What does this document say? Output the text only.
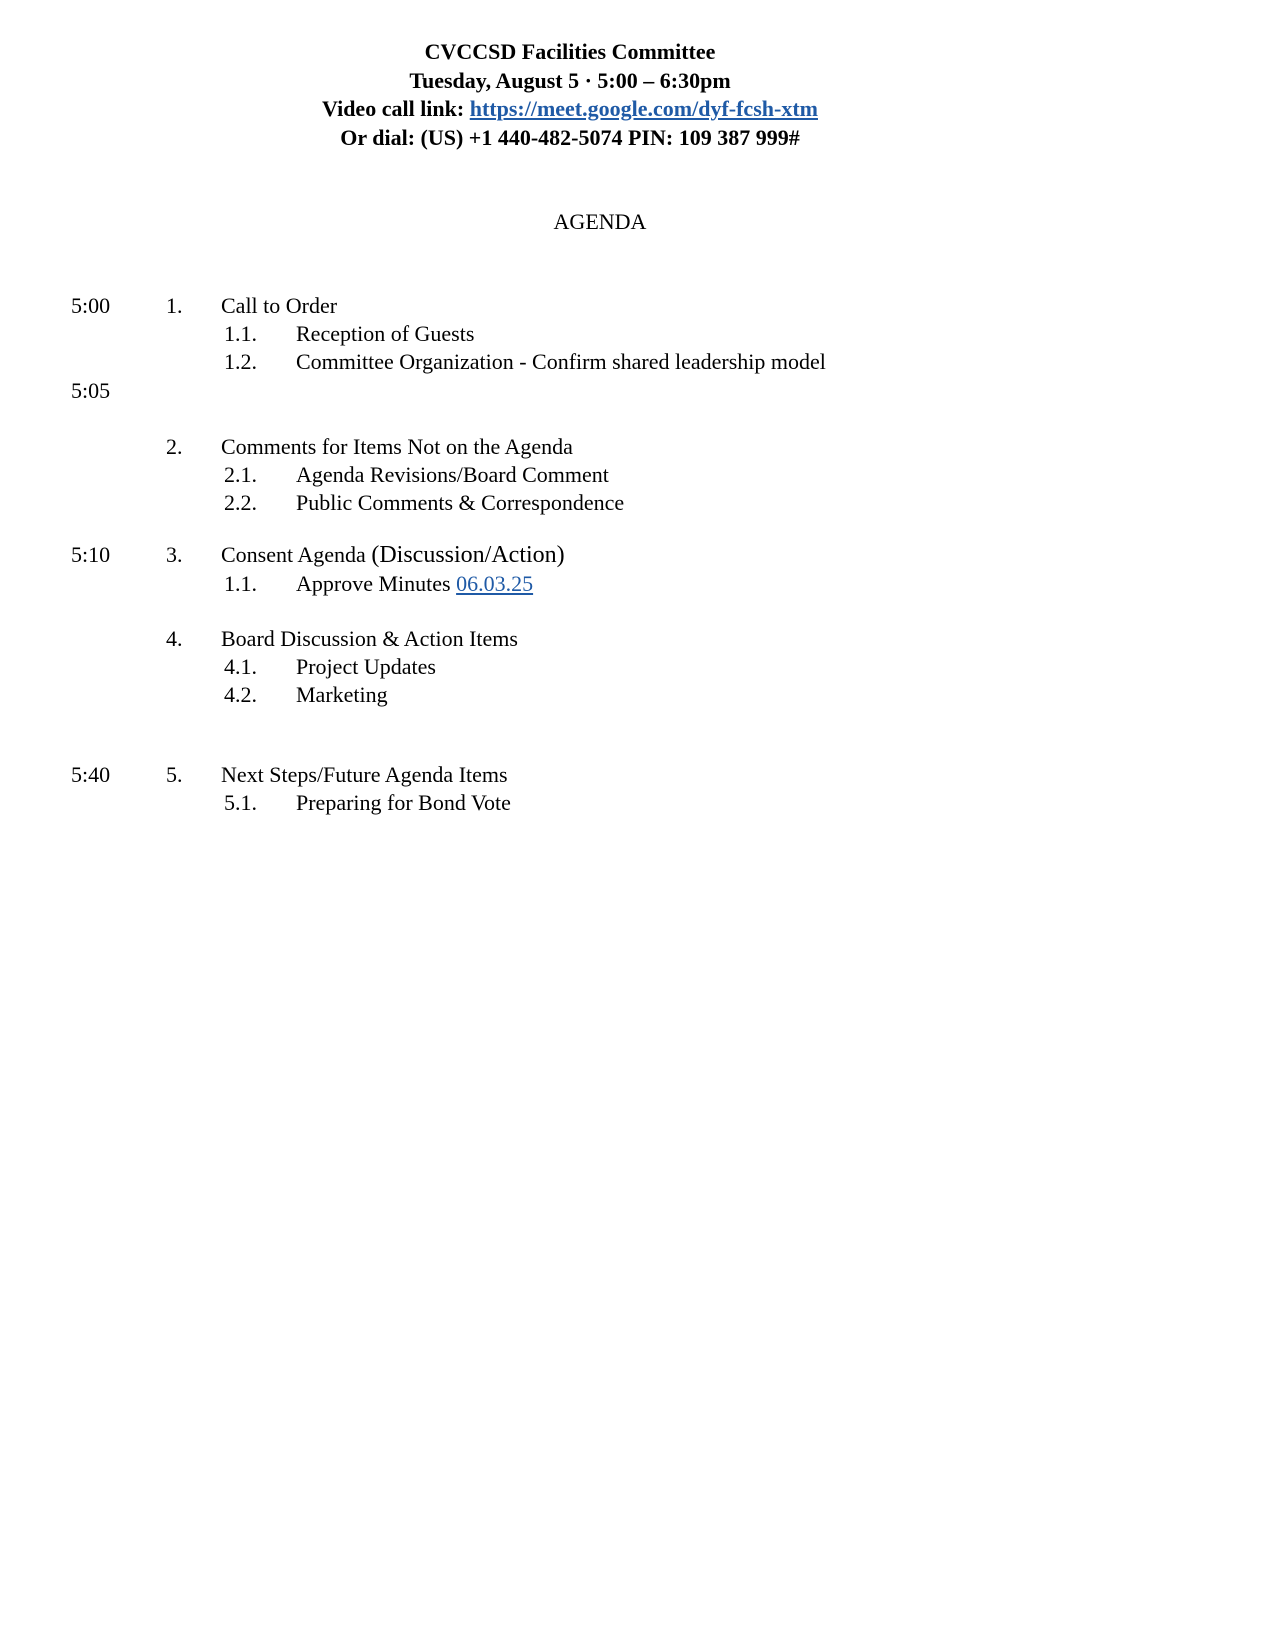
CVCCSD Facilities Committee
Tuesday, August 5 · 5:00 – 6:30pm
Video call link: https://meet.google.com/dyf-fcsh-xtm
Or dial: (US) +1 440-482-5074 PIN: 109 387 999#
AGENDA
5:00
5:05
5:10
5:40
1. Call to Order
1.1. Reception of Guests
1.2. Committee Organization - Confirm shared leadership model
2. Comments for Items Not on the Agenda
2.1. Agenda Revisions/Board Comment
2.2. Public Comments & Correspondence
3. Consent Agenda (Discussion/Action)
1.1. Approve Minutes 06.03.25
4. Board Discussion & Action Items
4.1. Project Updates
4.2. Marketing
5. Next Steps/Future Agenda Items
5.1. Preparing for Bond Vote
